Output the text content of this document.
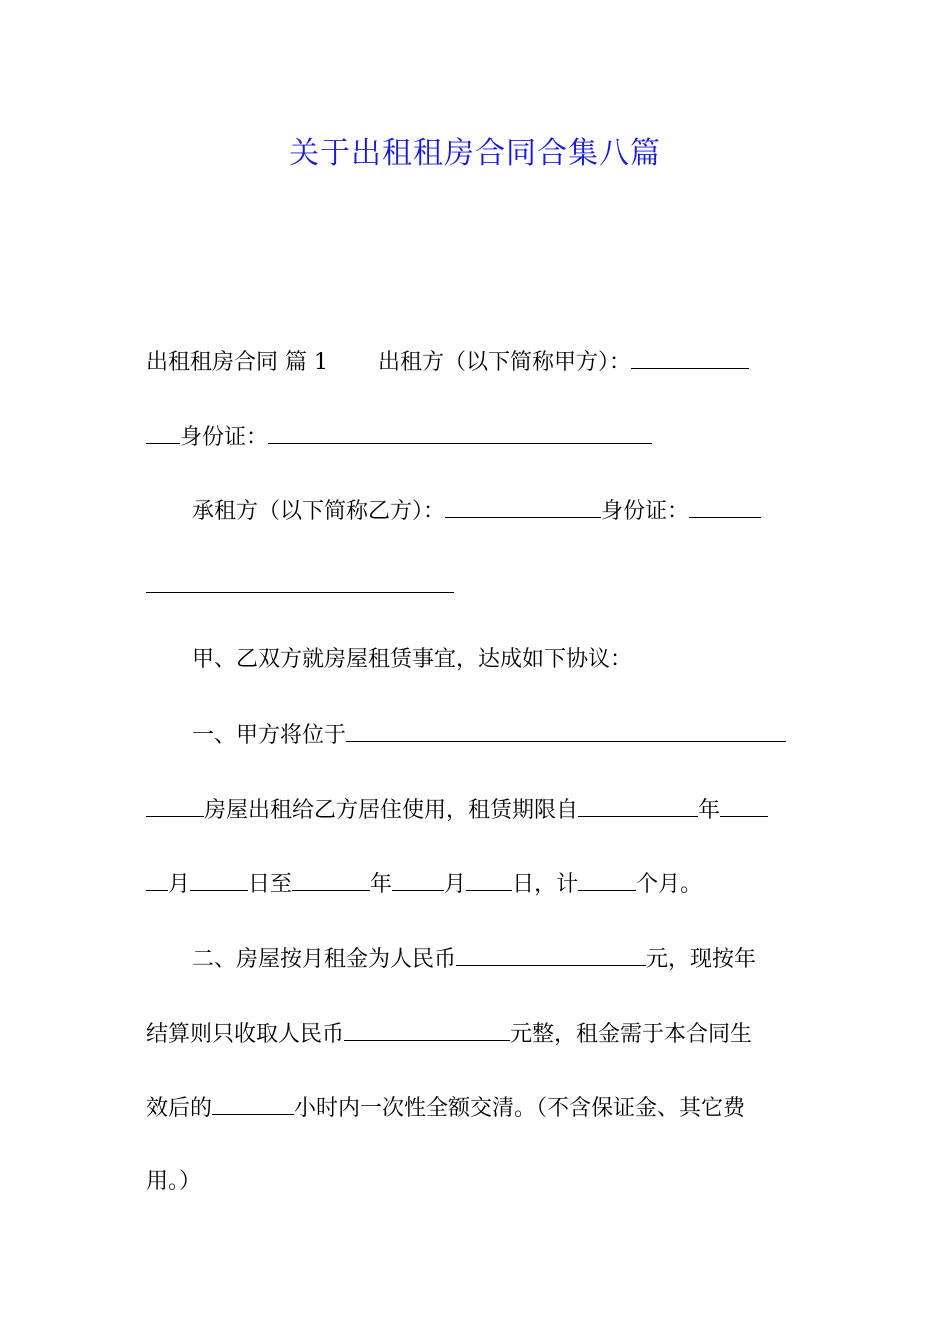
关于出租租房合同合集八篇
出租租房合同 篇 1 出租方（以下简称甲方）：
身份证：
承租方（以下简称乙方）：	身份证：
甲、乙双方就房屋租赁事宜，达成如下协议：
一、甲方将位于
房屋出租给乙方居住使用，租赁期限自	年
月	日至	年 月 日，计	个月。
二、房屋按月租金为人民币	元，现按年
结算则只收取人民币	元整，租金需于本合同生
效后的	小时内一次性全额交清。（不含保证金、其它费
用。）
